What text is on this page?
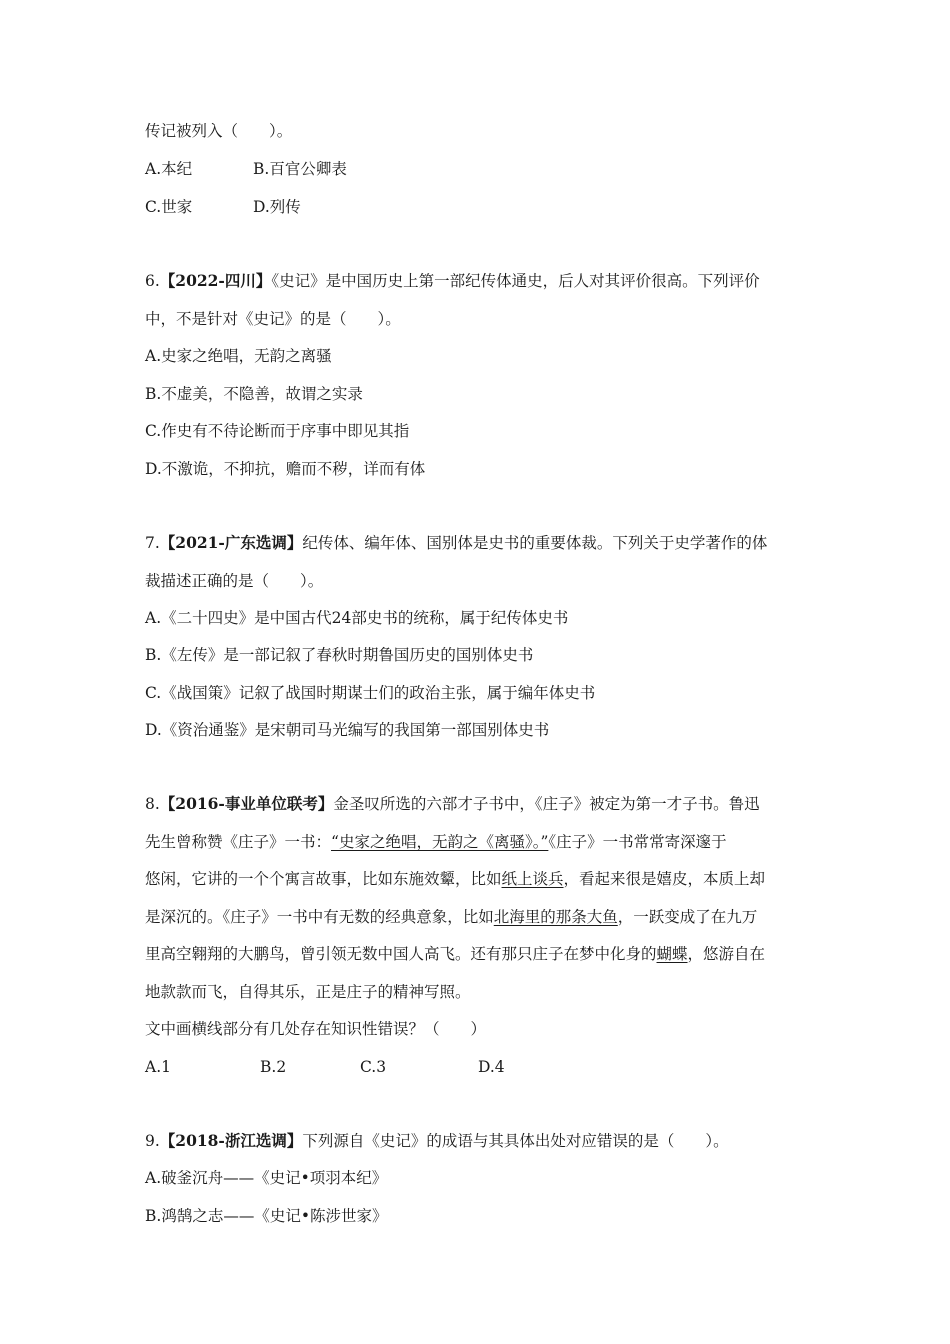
传记被列入（　　）。
A.本纪	B.百官公卿表
C.世家	D.列传
6.【2022-四川】《史记》是中国历史上第一部纪传体通史，后人对其评价很高。下列评价
中，不是针对《史记》的是（　　）。
A.史家之绝唱，无韵之离骚
B.不虚美，不隐善，故谓之实录
C.作史有不待论断而于序事中即见其指
D.不激诡，不抑抗，赡而不秽，详而有体
7.【2021-广东选调】纪传体、编年体、国别体是史书的重要体裁。下列关于史学著作的体
裁描述正确的是（　　）。
A.《二十四史》是中国古代24部史书的统称，属于纪传体史书
B.《左传》是一部记叙了春秋时期鲁国历史的国别体史书
C.《战国策》记叙了战国时期谋士们的政治主张，属于编年体史书
D.《资治通鉴》是宋朝司马光编写的我国第一部国别体史书
8.【2016-事业单位联考】金圣叹所选的六部才子书中，《庄子》被定为第一才子书。鲁迅
先生曾称赞《庄子》一书：“史家之绝唱，无韵之《离骚》。”《庄子》一书常常寄深邃于
悠闲，它讲的一个个寓言故事，比如东施效颦，比如纸上谈兵，看起来很是嬉皮，本质上却
是深沉的。《庄子》一书中有无数的经典意象，比如北海里的那条大鱼，一跃变成了在九万
里高空翱翔的大鹏鸟，曾引领无数中国人高飞。还有那只庄子在梦中化身的蝴蝶，悠游自在
地款款而飞，自得其乐，正是庄子的精神写照。
文中画横线部分有几处存在知识性错误？（　　）
A.1	B.2	C.3	D.4
9.【2018-浙江选调】下列源自《史记》的成语与其具体出处对应错误的是（　　）。
A.破釜沉舟——《史记•项羽本纪》
B.鸿鹄之志——《史记•陈涉世家》
